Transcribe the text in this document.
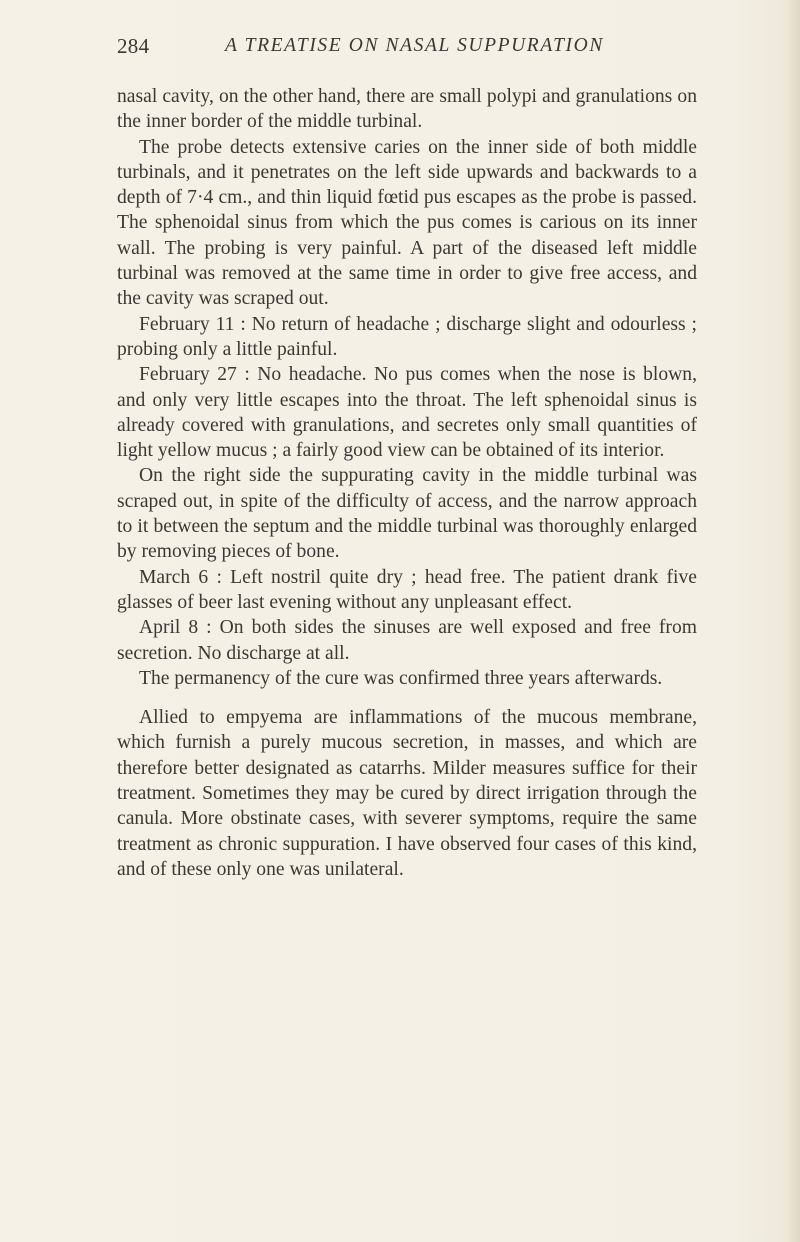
284	A TREATISE ON NASAL SUPPURATION

nasal cavity, on the other hand, there are small polypi and granulations on the inner border of the middle turbinal.

The probe detects extensive caries on the inner side of both middle turbinals, and it penetrates on the left side upwards and backwards to a depth of 7·4 cm., and thin liquid fœtid pus escapes as the probe is passed. The sphenoidal sinus from which the pus comes is carious on its inner wall. The probing is very painful. A part of the diseased left middle turbinal was removed at the same time in order to give free access, and the cavity was scraped out.

February 11 : No return of headache ; discharge slight and odourless ; probing only a little painful.

February 27 : No headache. No pus comes when the nose is blown, and only very little escapes into the throat. The left sphenoidal sinus is already covered with granulations, and secretes only small quantities of light yellow mucus ; a fairly good view can be obtained of its interior.

On the right side the suppurating cavity in the middle turbinal was scraped out, in spite of the difficulty of access, and the narrow approach to it between the septum and the middle turbinal was thoroughly enlarged by removing pieces of bone.

March 6 : Left nostril quite dry ; head free. The patient drank five glasses of beer last evening without any unpleasant effect.

April 8 : On both sides the sinuses are well exposed and free from secretion. No discharge at all.

The permanency of the cure was confirmed three years afterwards.

Allied to empyema are inflammations of the mucous membrane, which furnish a purely mucous secretion, in masses, and which are therefore better designated as catarrhs. Milder measures suffice for their treatment. Sometimes they may be cured by direct irrigation through the canula. More obstinate cases, with severer symptoms, require the same treatment as chronic suppuration. I have observed four cases of this kind, and of these only one was unilateral.
